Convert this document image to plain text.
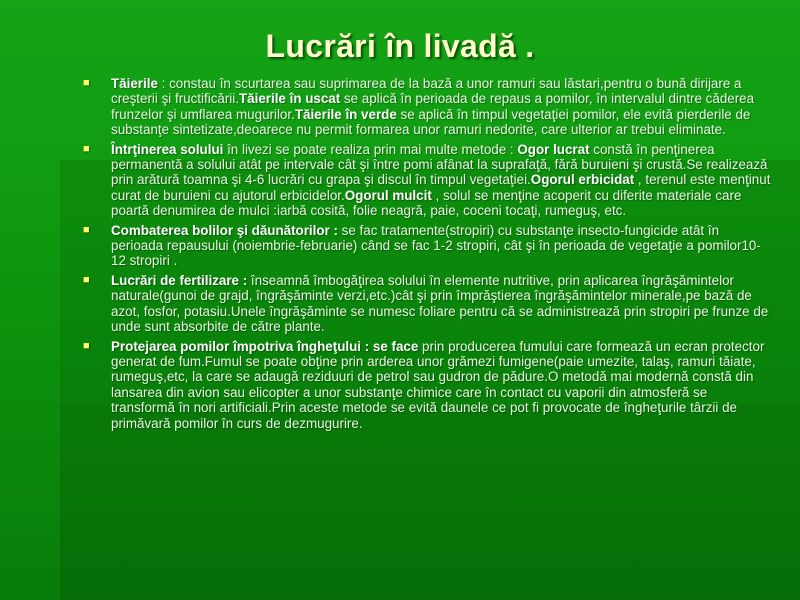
Lucrări în livadă .
■ Tăierile : constau în scurtarea sau suprimarea de la bază a unor ramuri sau lăstari,pentru o bună dirijare a creşterii şi fructificării.Tăierile în uscat se aplică în perioada de repaus a pomilor, în intervalul dintre căderea frunzelor şi umflarea mugurilor.Tăierile în verde se aplică în timpul vegetaţiei pomilor, ele evită pierderile de substanţe sintetizate,deoarece nu permit formarea unor ramuri nedorite, care ulterior ar trebui eliminate.
■ Întrţinerea solului în livezi se poate realiza prin mai multe metode : Ogor lucrat constă în penţinerea permanentă a solului atât pe intervale cât şi între pomi afânat la suprafaţă, fără buruieni şi crustă.Se realizează prin arătură toamna şi 4-6 lucrări cu grapa şi discul în timpul vegetaţiei.Ogorul erbicidat , terenul este menţinut curat de buruieni cu ajutorul erbicidelor.Ogorul mulcit , solul se menţine acoperit cu diferite materiale care poartă denumirea de mulci :iarbă cosită, folie neagră, paie, coceni tocaţi, rumeguş, etc.
■ Combaterea bolilor şi dăunătorilor : se fac tratamente(stropiri) cu substanţe insecto-fungicide atât în perioada repausului (noiembrie-februarie) când se fac 1-2 stropiri, cât şi în perioada de vegetaţie a pomilor10-12 stropiri .
■ Lucrări de fertilizare : înseamnă îmbogăţirea solului în elemente nutritive, prin aplicarea îngrăşămintelor naturale(gunoi de grajd, îngrăşăminte verzi,etc.)cât şi prin împrăştierea îngrăşămintelor minerale,pe bază de azot, fosfor, potasiu.Unele îngrăşăminte se numesc foliare pentru că se administrează prin stropiri pe frunze de unde sunt absorbite de către plante.
■ Protejarea pomilor împotriva îngheţului : se face prin producerea fumului care formează un ecran protector generat de fum.Fumul se poate obţine prin arderea unor grămezi fumigene(paie umezite, talaş, ramuri tăiate, rumeguş,etc, la care se adaugă reziduuri de petrol sau gudron de pădure.O metodă mai modernă constă din lansarea din avion sau elicopter a unor substanţe chimice care în contact cu vaporii din atmosferă se transformă în nori artificiali.Prin aceste metode se evită daunele ce pot fi provocate de îngheţurile târzii de primăvară pomilor în curs de dezmugurire.
